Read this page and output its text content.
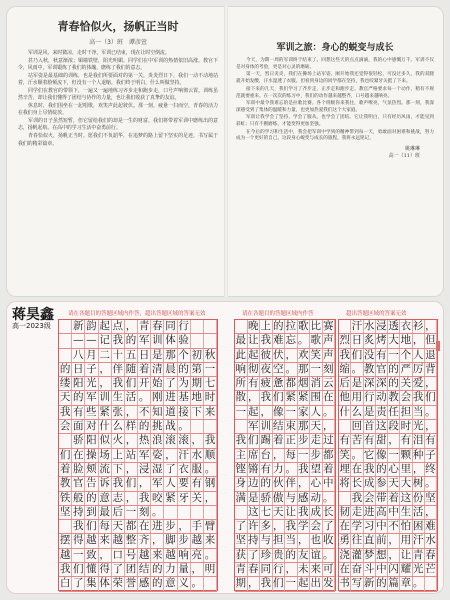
青春恰似火，扬帆正当时
高一（3）班　谭彦萱

军训是风，来时微凉，走时干净。军训已结束，现在让时空倒流。

甚乃入秋，秋意渐浓；铜墙铁壁，阳光明媚。同学们在中军训的热情依旧高涨。教官下令，风雨中，军训锻炼了我们的体魄，磨练了我们的意志。

站军姿是最基础的训练，也是我们所要面对的第一关。炎炎烈日下，我们一动不动地站着，汗水顺着脸颊流下，但没有一个人退缩。我们终于明白，什么叫做坚持。

同学们在教官的带领下，一遍又一遍地练习齐步走和跑步走，口号声响彻云霄。训练虽然辛苦，却让我们懂得了团结与协作的力量，也让我们收获了真挚的友谊。

休息时，我们围坐在一起唱歌，欢笑声此起彼伏。那一刻，疲惫一扫而空，青春的活力在我们身上尽情绽放。

军训的日子虽然短暂，但它留给我们的却是一生的财富。我们将带着军训中磨练出的意志，扬帆起航，在高中的学习生活中奋勇前行。

青春恰似火，扬帆正当时。愿我们不负韶华，在追梦的路上留下坚实的足迹，书写属于我们的精彩篇章。

军训之旅：身心的蜕变与成长

今天，为期一周的军训终于结束了。回想这些天的点点滴滴，我的心中感慨万千。军训不仅是对身体的考验，更是对心灵的磨砺。

第一天，烈日炎炎，我们在操场上站军姿。刚开始我还觉得很轻松，可没过多久，我的双腿就开始发酸，汗水湿透了衣服。但看到身边的同学都在坚持，我也咬紧牙关挺了下来。

接下来的几天，我们学习了齐步走、正步走和跑步走。教官严格要求每一个动作，稍有不规范就要重来。在一次次的练习中，我们的动作越来越整齐，口号越来越响亮。

军训中最令我难忘的是拉歌比赛。各个班级你来我往，歌声嘹亮，气氛热烈。那一刻，我深深感受到了集体的温暖和力量，也更加热爱我们这个大家庭。

军训让我学会了坚持，学会了服从，也学会了团结。它让我明白，只有经历风雨，才能见到彩虹；只有不断磨练，才能变得更加坚强。

在今后的学习和生活中，我会把军训中学到的精神带到每一天，勇敢面对困难和挑战，努力成为一个更好的自己。这段身心蜕变与成长的旅程，我将永远铭记。

姚琳琳
高一（11）班
蒋昊鑫
高一2023级
请在各题目的答题区域内作答，超出答题区域的答案无效	请在各题目的答题区域内作答	超出答题区域的答案无效
新 韵 起 点 ， 青 春 同 行
— — 记 我 的 军 训 体 验
八 月 二 十 五 日 是 那 个 初 秋
的 日 子 ， 伴 随 着 清 晨 的 第 一
缕 阳 光 ， 我 们 开 始 了 为 期 七
天 的 军 训 生 活 。 刚 进 基 地 时
我 有 些 紧 张 ， 不 知 道 接 下 来
会 面 对 什 么 样 的 挑 战 。
骄 阳 似 火 ， 热 浪 滚 滚 ， 我
们 在 操 场 上 站 军 姿 ， 汗 水 顺
着 脸 颊 流 下 ， 浸 湿 了 衣 服 。
教 官 告 诉 我 们 ， 军 人 要 有 钢
铁 般 的 意 志 ， 我 咬 紧 牙 关 ，
坚 持 到 最 后 一 刻 。
我 们 每 天 都 在 进 步 ， 手 臂
摆 得 越 来 越 整 齐 ， 脚 步 越 来
越 一 致 ， 口 号 越 来 越 响 亮 。
我 们 懂 得 了 团 结 的 力 量 ， 明
白 了 集 体 荣 誉 感 的 意 义 。
晚 上 的 拉 歌 比 赛
最 让 我 难 忘 。 歌 声
此 起 彼 伏 ， 欢 笑 声
响 彻 夜 空 。 那 一 刻
所 有 疲 惫 都 烟 消 云
散 ， 我 们 紧 紧 围 在
一 起 ， 像 一 家 人 。
军 训 结 束 那 天 ，
我 们 踢 着 正 步 走 过
主 席 台 ， 每 一 步 都
铿 锵 有 力 。 我 望 着
身 边 的 伙 伴 ， 心 中
满 是 骄 傲 与 感 动 。
这 七 天 让 我 成 长
了 许 多 ， 我 学 会 了
坚 持 与 担 当 ， 也 收
获 了 珍 贵 的 友 谊 。
青 春 同 行 ， 未 来 可
期 ， 我 们 一 起 出 发
汗 水 浸 透 衣 衫 ，
烈 日 炙 烤 大 地 ， 但
我 们 没 有 一 个 人 退
缩 。 教 官 的 严 厉 背
后 是 深 深 的 关 爱 ，
他 用 行 动 教 会 我 们
什 么 是 责 任 担 当 。
回 首 这 段 时 光 ，
有 苦 有 甜 ， 有 泪 有
笑 。 它 像 一 颗 种 子
埋 在 我 的 心 里 ， 终
将 长 成 参 天 大 树 。
我 会 带 着 这 份 坚
韧 走 进 高 中 生 活 ，
在 学 习 中 不 怕 困 难
勇 往 直 前 ， 用 汗 水
浇 灌 梦 想 ， 让 青 春
在 奋 斗 中 闪 耀 光 芒
书 写 新 的 篇 章 。
